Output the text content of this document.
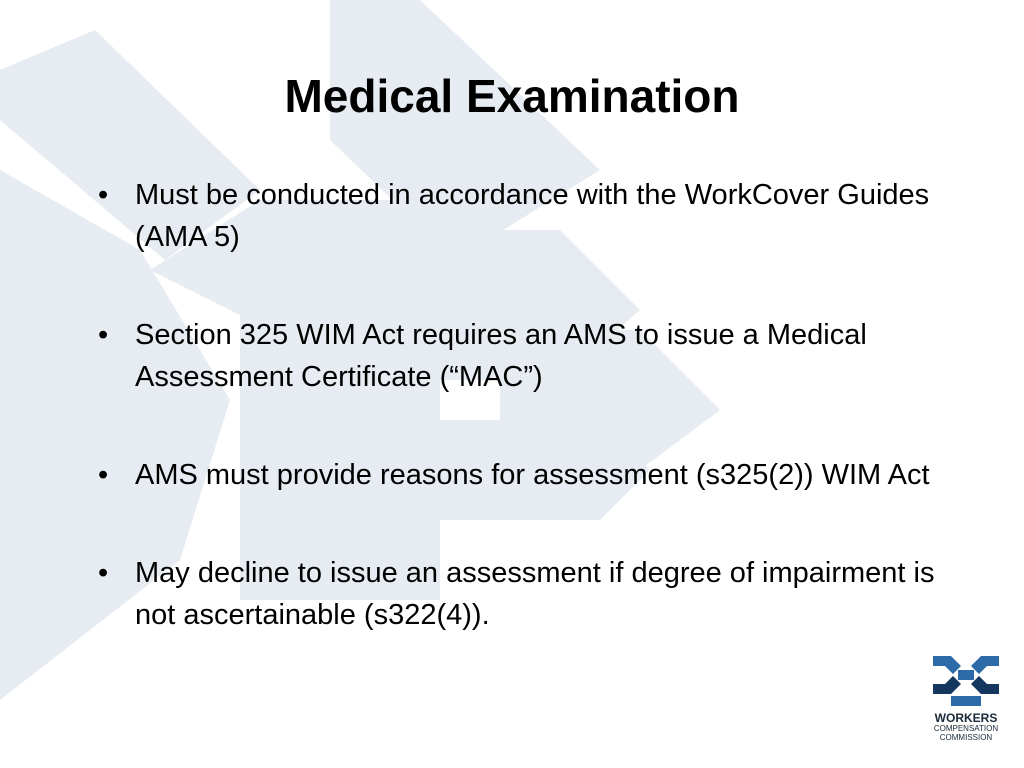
Medical Examination
• Must be conducted in accordance with the WorkCover Guides (AMA 5)
• Section 325 WIM Act requires an AMS to issue a Medical Assessment Certificate (“MAC”)
• AMS must provide reasons for assessment (s325(2)) WIM Act
• May decline to issue an assessment if degree of impairment is not ascertainable (s322(4)).
WORKERS
COMPENSATION
COMMISSION
